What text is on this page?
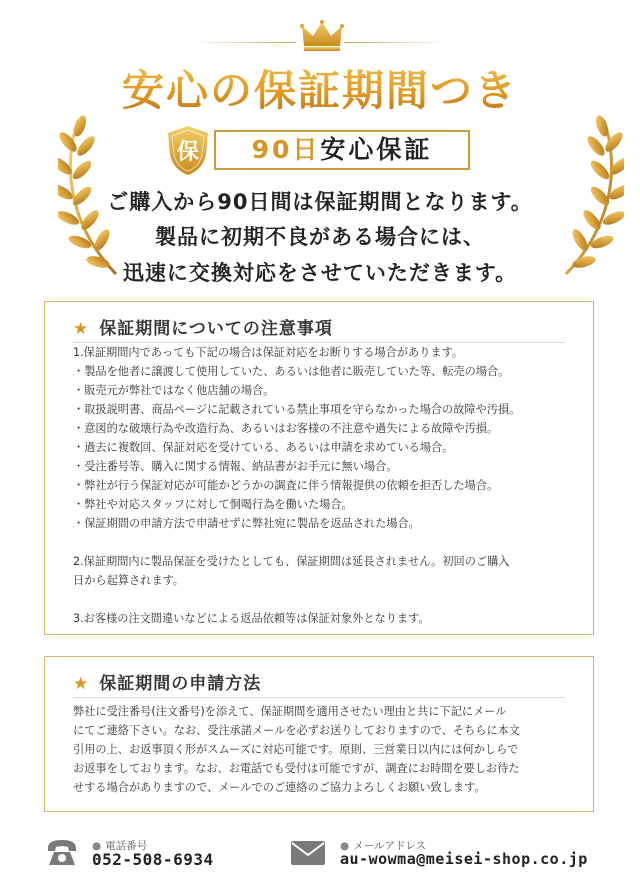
安心の保証期間つき
保	90日安心保証
ご購入から90日間は保証期間となります。
製品に初期不良がある場合には、
迅速に交換対応をさせていただきます。
★ 保証期間についての注意事項
1.保証期間内であっても下記の場合は保証対応をお断りする場合があります。
・製品を他者に譲渡して使用していた、あるいは他者に販売していた等、転売の場合。
・販売元が弊社ではなく他店舗の場合。
・取扱説明書、商品ページに記載されている禁止事項を守らなかった場合の故障や汚損。
・意図的な破壊行為や改造行為、あるいはお客様の不注意や過失による故障や汚損。
・過去に複数回、保証対応を受けている、あるいは申請を求めている場合。
・受注番号等、購入に関する情報、納品書がお手元に無い場合。
・弊社が行う保証対応が可能かどうかの調査に伴う情報提供の依頼を拒否した場合。
・弊社や対応スタッフに対して恫喝行為を働いた場合。
・保証期間の申請方法で申請せずに弊社宛に製品を返品された場合。
2.保証期間内に製品保証を受けたとしても、保証期間は延長されません。初回のご購入
日から起算されます。
3.お客様の注文間違いなどによる返品依頼等は保証対象外となります。
★ 保証期間の申請方法
弊社に受注番号(注文番号)を添えて、保証期間を適用させたい理由と共に下記にメール
にてご連絡下さい。なお、受注承諾メールを必ずお送りしておりますので、そちらに本文
引用の上、お返事頂く形がスムーズに対応可能です。原則、三営業日以内には何かしらで
お返事をしております。なお、お電話でも受付は可能ですが、調査にお時間を要しお待た
せする場合がありますので、メールでのご連絡のご協力よろしくお願い致します。
● 電話番号
052-508-6934
● メールアドレス
au-wowma@meisei-shop.co.jp
